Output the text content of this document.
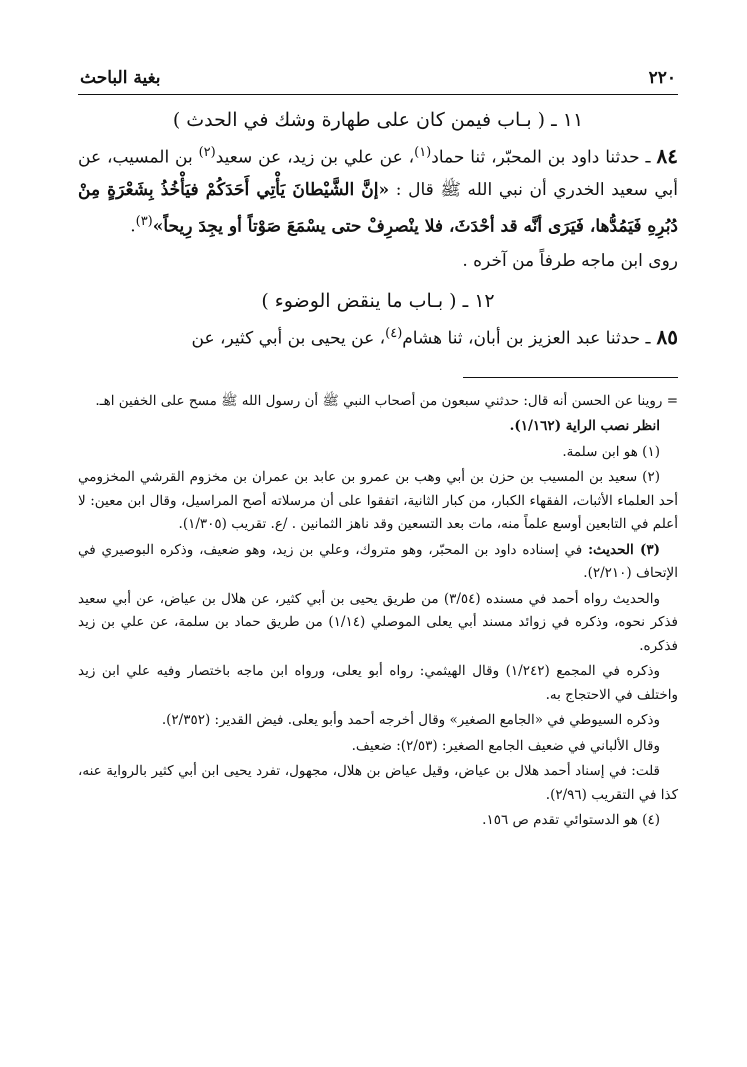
٢٢٠
بغية الباحث
١١ ـ ( بـاب فيمن كان على طهارة وشك في الحدث )

٨٤ـ حدثنا داود بن المحبّر، ثنا حماد$^{(١)}$، عن علي بن زيد، عن سعيد$^{(٢)}$ بن المسيب، عن أبي سعيد الخدري أن نبي الله ﷺ قال : «إنَّ الشَّيْطانَ يَأْتِي أَحَدَكُمْ فيَأْخُذُ بِشَعْرَةٍ مِنْ دُبُرِهِ فَيَمُدُّها، فَيَرَى أنَّه قد أحْدَثَ، فلا ينْصرِفْ حتى يسْمَعَ صَوْتاً أو يجِدَ رِيحاً»$^{(٣)}$.

روى ابن ماجه طرفاً من آخره .

١٢ ـ ( بـاب ما ينقض الوضوء )

٨٥ـ حدثنا عبد العزيز بن أبان، ثنا هشام$^{(٤)}$، عن يحيى بن أبي كثير، عن

= روينا عن الحسن أنه قال: حدثني سبعون من أصحاب النبي ﷺ أن رسول الله ﷺ مسح على الخفين اهـ.

انظر نصب الراية (١/١٦٢).

(١) هو ابن سلمة.

(٢) سعيد بن المسيب بن حزن بن أبي وهب بن عمرو بن عابد بن عمران بن مخزوم القرشي المخزومي أحد العلماء الأثبات، الفقهاء الكبار، من كبار الثانية، اتفقوا على أن مرسلاته أصح المراسيل، وقال ابن معين: لا أعلم في التابعين أوسع علماً منه، مات بعد التسعين وقد ناهز الثمانين . /ع. تقريب (١/٣٠٥).

(٣) الحديث: في إسناده داود بن المحبّر، وهو متروك، وعلي بن زيد، وهو ضعيف، وذكره البوصيري في الإتحاف (٢/٢١٠).

والحديث رواه أحمد في مسنده (٣/٥٤) من طريق يحيى بن أبي كثير، عن هلال بن عياض، عن أبي سعيد فذكر نحوه، وذكره في زوائد مسند أبي يعلى الموصلي (١/١٤) من طريق حماد بن سلمة، عن علي بن زيد فذكره.

وذكره في المجمع (١/٢٤٢) وقال الهيثمي: رواه أبو يعلى، ورواه ابن ماجه باختصار وفيه علي ابن زيد واختلف في الاحتجاج به.

وذكره السيوطي في «الجامع الصغير» وقال أخرجه أحمد وأبو يعلى. فيض القدير: (٢/٣٥٢).

وقال الألباني في ضعيف الجامع الصغير: (٢/٥٣): ضعيف.

قلت: في إسناد أحمد هلال بن عياض، وقيل عياض بن هلال، مجهول، تفرد يحيى ابن أبي كثير بالرواية عنه، كذا في التقريب (٢/٩٦).

(٤) هو الدستوائي تقدم ص ١٥٦.
